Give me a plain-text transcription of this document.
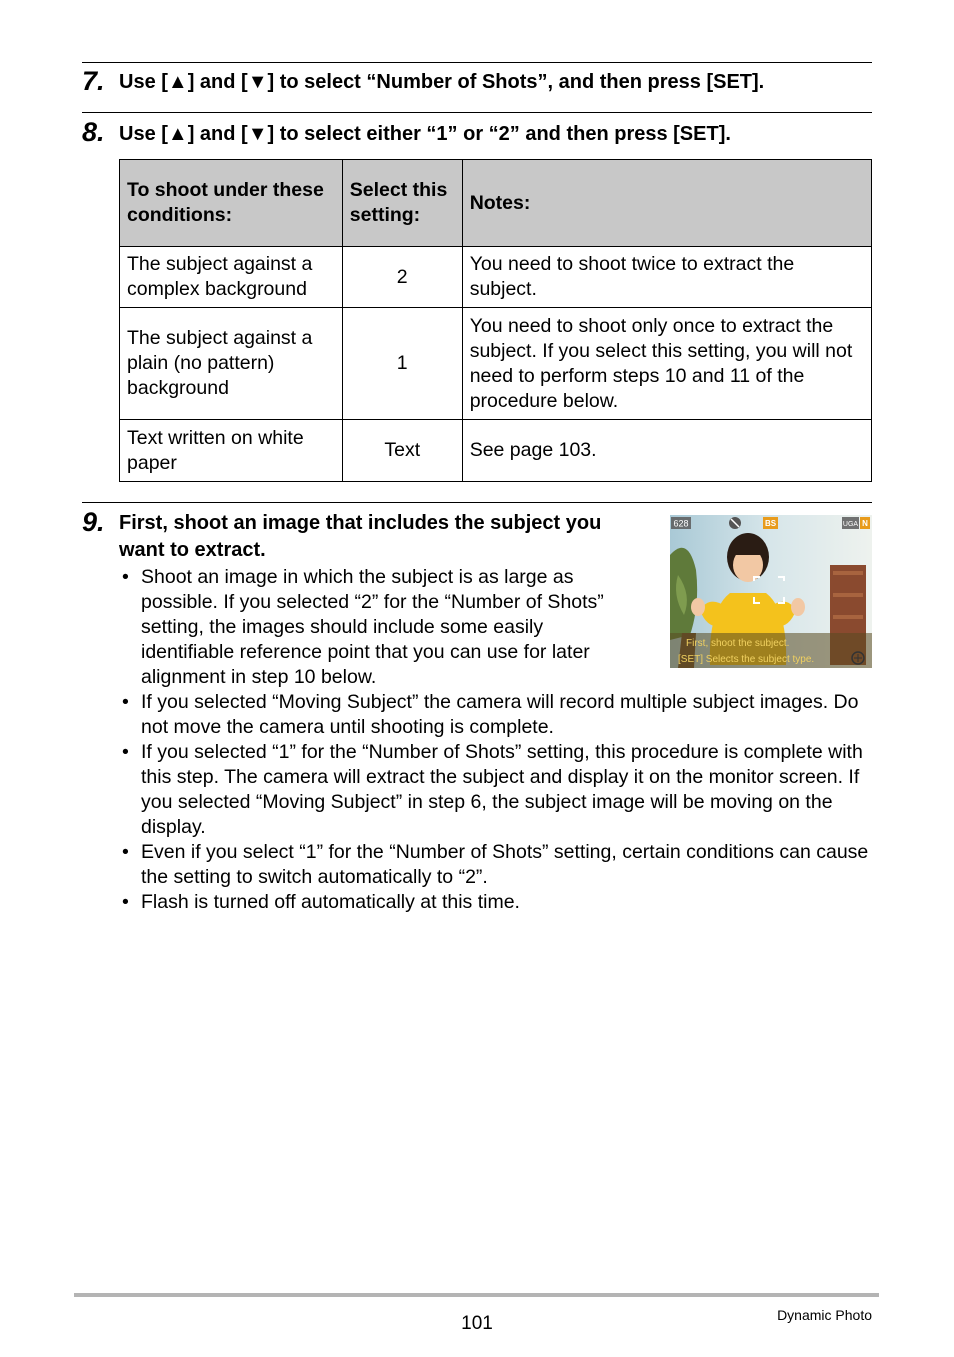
7. Use [▲] and [▼] to select “Number of Shots”, and then press [SET].
8. Use [▲] and [▼] to select either “1” or “2” and then press [SET].
To shoot under these conditions:	Select this setting:	Notes:
The subject against a complex background	2	You need to shoot twice to extract the subject.
The subject against a plain (no pattern) background	1	You need to shoot only once to extract the subject. If you select this setting, you will not need to perform steps 10 and 11 of the procedure below.
Text written on white paper	Text	See page 103.
9. First, shoot an image that includes the subject you want to extract.
• Shoot an image in which the subject is as large as possible. If you selected “2” for the “Number of Shots” setting, the images should include some easily identifiable reference point that you can use for later alignment in step 10 below.
• If you selected “Moving Subject” the camera will record multiple subject images. Do not move the camera until shooting is complete.
• If you selected “1” for the “Number of Shots” setting, this procedure is complete with this step. The camera will extract the subject and display it on the monitor screen. If you selected “Moving Subject” in step 6, the subject image will be moving on the display.
• Even if you select “1” for the “Number of Shots” setting, certain conditions can cause the setting to switch automatically to “2”.
• Flash is turned off automatically at this time.
628	BS	UGA N
First, shoot the subject.
[SET] Selects the subject type.
101	Dynamic Photo
